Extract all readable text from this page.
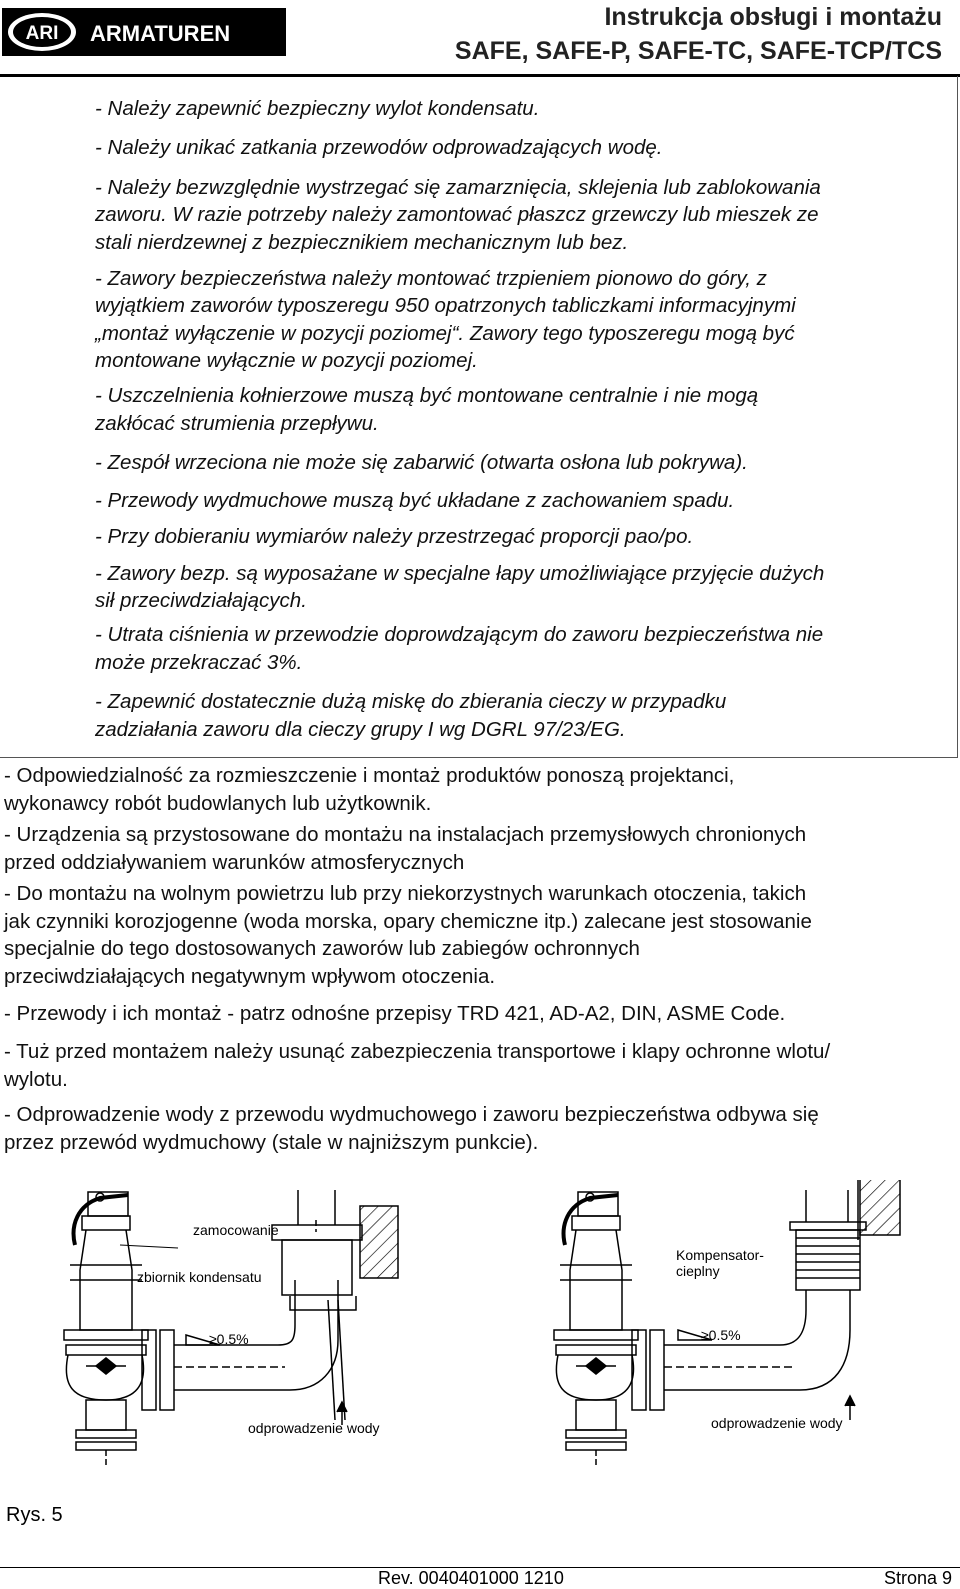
ARI ARMATUREN
Instrukcja obsługi i montażu
SAFE, SAFE-P, SAFE-TC, SAFE-TCP/TCS
- Należy zapewnić bezpieczny wylot kondensatu.
- Należy unikać zatkania przewodów odprowadzających wodę.
- Należy bezwzględnie wystrzegać się zamarznięcia, sklejenia lub zablokowania
zaworu. W razie potrzeby należy zamontować płaszcz grzewczy lub mieszek ze
stali nierdzewnej z bezpiecznikiem mechanicznym lub bez.
- Zawory bezpieczeństwa należy montować trzpieniem pionowo do góry, z
wyjątkiem zaworów typoszeregu 950 opatrzonych tabliczkami informacyjnymi
„montaż wyłączenie w pozycji poziomej“. Zawory tego typoszeregu mogą być
montowane wyłącznie w pozycji poziomej.
- Uszczelnienia kołnierzowe muszą być montowane centralnie i nie mogą
zakłócać strumienia przepływu.
- Zespół wrzeciona nie może się zabarwić (otwarta osłona lub pokrywa).
- Przewody wydmuchowe muszą być układane z zachowaniem spadu.
- Przy dobieraniu wymiarów należy przestrzegać proporcji pao/po.
- Zawory bezp. są wyposażane w specjalne łapy umożliwiające przyjęcie dużych
sił przeciwdziałających.
- Utrata ciśnienia w przewodzie doprowdzającym do zaworu bezpieczeństwa nie
może przekraczać 3%.
- Zapewnić dostatecznie dużą miskę do zbierania cieczy w przypadku
zadziałania zaworu dla cieczy grupy I wg DGRL 97/23/EG.
- Odpowiedzialność za rozmieszczenie i montaż produktów ponoszą projektanci,
wykonawcy robót budowlanych lub użytkownik.
- Urządzenia są przystosowane do montażu na instalacjach przemysłowych chronionych
przed oddziaływaniem warunków atmosferycznych
- Do montażu na wolnym powietrzu lub przy niekorzystnych warunkach otoczenia, takich
jak czynniki korozjogenne (woda morska, opary chemiczne itp.) zalecane jest stosowanie
specjalnie do tego dostosowanych zaworów lub zabiegów ochronnych
przeciwdziałających negatywnym wpływom otoczenia.
- Przewody i ich montaż - patrz odnośne przepisy TRD 421, AD-A2, DIN, ASME Code.
- Tuż przed montażem należy usunąć zabezpieczenia transportowe i klapy ochronne wlotu/
wylotu.
- Odprowadzenie wody z przewodu wydmuchowego i zaworu bezpieczeństwa odbywa się
przez przewód wydmuchowy (stale w najniższym punkcie).
zamocowanie
zbiornik kondensatu
≥0.5%
odprowadzenie wody
Kompensator-
cieplny
≥0.5%
odprowadzenie wody
Rys. 5
Rev. 0040401000 1210	Strona 9
